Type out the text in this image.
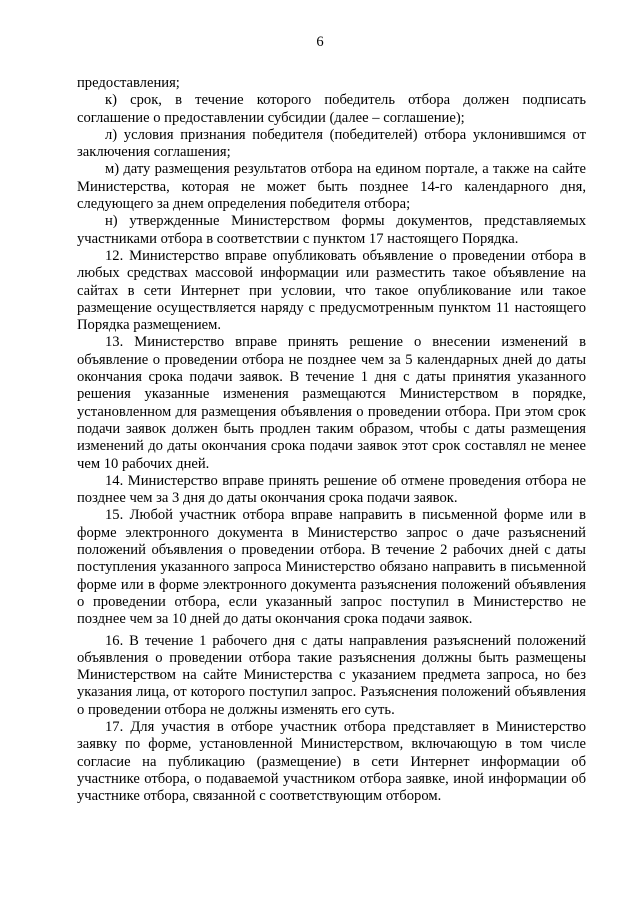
6

предоставления;

к) срок, в течение которого победитель отбора должен подписать соглашение о предоставлении субсидии (далее – соглашение);

л) условия признания победителя (победителей) отбора уклонившимся от заключения соглашения;

м) дату размещения результатов отбора на едином портале, а также на сайте Министерства, которая не может быть позднее 14-го календарного дня, следующего за днем определения победителя отбора;

н) утвержденные Министерством формы документов, представляемых участниками отбора в соответствии с пунктом 17 настоящего Порядка.

12. Министерство вправе опубликовать объявление о проведении отбора в любых средствах массовой информации или разместить такое объявление на сайтах в сети Интернет при условии, что такое опубликование или такое размещение осуществляется наряду с предусмотренным пунктом 11 настоящего Порядка размещением.

13. Министерство вправе принять решение о внесении изменений в объявление о проведении отбора не позднее чем за 5 календарных дней до даты окончания срока подачи заявок. В течение 1 дня с даты принятия указанного решения указанные изменения размещаются Министерством в порядке, установленном для размещения объявления о проведении отбора. При этом срок подачи заявок должен быть продлен таким образом, чтобы с даты размещения изменений до даты окончания срока подачи заявок этот срок составлял не менее чем 10 рабочих дней.

14. Министерство вправе принять решение об отмене проведения отбора не позднее чем за 3 дня до даты окончания срока подачи заявок.

15. Любой участник отбора вправе направить в письменной форме или в форме электронного документа в Министерство запрос о даче разъяснений положений объявления о проведении отбора. В течение 2 рабочих дней с даты поступления указанного запроса Министерство обязано направить в письменной форме или в форме электронного документа разъяснения положений объявления о проведении отбора, если указанный запрос поступил в Министерство не позднее чем за 10 дней до даты окончания срока подачи заявок.

16. В течение 1 рабочего дня с даты направления разъяснений положений объявления о проведении отбора такие разъяснения должны быть размещены Министерством на сайте Министерства с указанием предмета запроса, но без указания лица, от которого поступил запрос. Разъяснения положений объявления о проведении отбора не должны изменять его суть.

17. Для участия в отборе участник отбора представляет в Министерство заявку по форме, установленной Министерством, включающую в том числе согласие на публикацию (размещение) в сети Интернет информации об участнике отбора, о подаваемой участником отбора заявке, иной информации об участнике отбора, связанной с соответствующим отбором.
